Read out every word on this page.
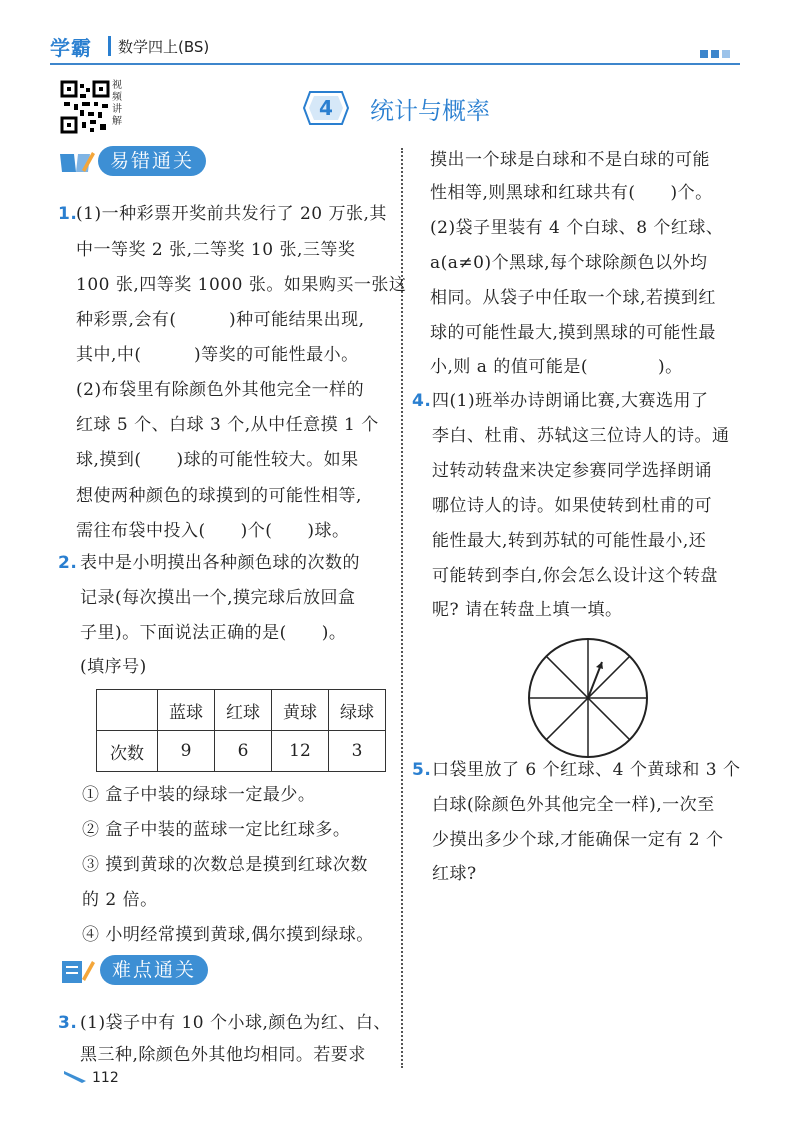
学霸	数学四上(BS)
视频讲解
4	统计与概率
易错通关
1.
(1)一种彩票开奖前共发行了 20 万张,其
中一等奖 2 张,二等奖 10 张,三等奖
100 张,四等奖 1000 张。如果购买一张这
种彩票,会有(　　　)种可能结果出现,
其中,中(　　　)等奖的可能性最小。
(2)布袋里有除颜色外其他完全一样的
红球 5 个、白球 3 个,从中任意摸 1 个
球,摸到(　　)球的可能性较大。如果
想使两种颜色的球摸到的可能性相等,
需往布袋中投入(　　)个(　　)球。
2. 表中是小明摸出各种颜色球的次数的
记录(每次摸出一个,摸完球后放回盒
子里)。下面说法正确的是(　　)。
(填序号)
	蓝球	红球	黄球	绿球
次数	9	6	12	3
① 盒子中装的绿球一定最少。
② 盒子中装的蓝球一定比红球多。
③ 摸到黄球的次数总是摸到红球次数
的 2 倍。
④ 小明经常摸到黄球,偶尔摸到绿球。
难点通关
3. (1)袋子中有 10 个小球,颜色为红、白、
黑三种,除颜色外其他均相同。若要求
摸出一个球是白球和不是白球的可能
性相等,则黑球和红球共有(　　)个。
(2)袋子里装有 4 个白球、8 个红球、
a(a≠0)个黑球,每个球除颜色以外均
相同。从袋子中任取一个球,若摸到红
球的可能性最大,摸到黑球的可能性最
小,则 a 的值可能是(　　　　)。
4. 四(1)班举办诗朗诵比赛,大赛选用了
李白、杜甫、苏轼这三位诗人的诗。通
过转动转盘来决定参赛同学选择朗诵
哪位诗人的诗。如果使转到杜甫的可
能性最大,转到苏轼的可能性最小,还
可能转到李白,你会怎么设计这个转盘
呢? 请在转盘上填一填。
5. 口袋里放了 6 个红球、4 个黄球和 3 个
白球(除颜色外其他完全一样),一次至
少摸出多少个球,才能确保一定有 2 个
红球?
112
